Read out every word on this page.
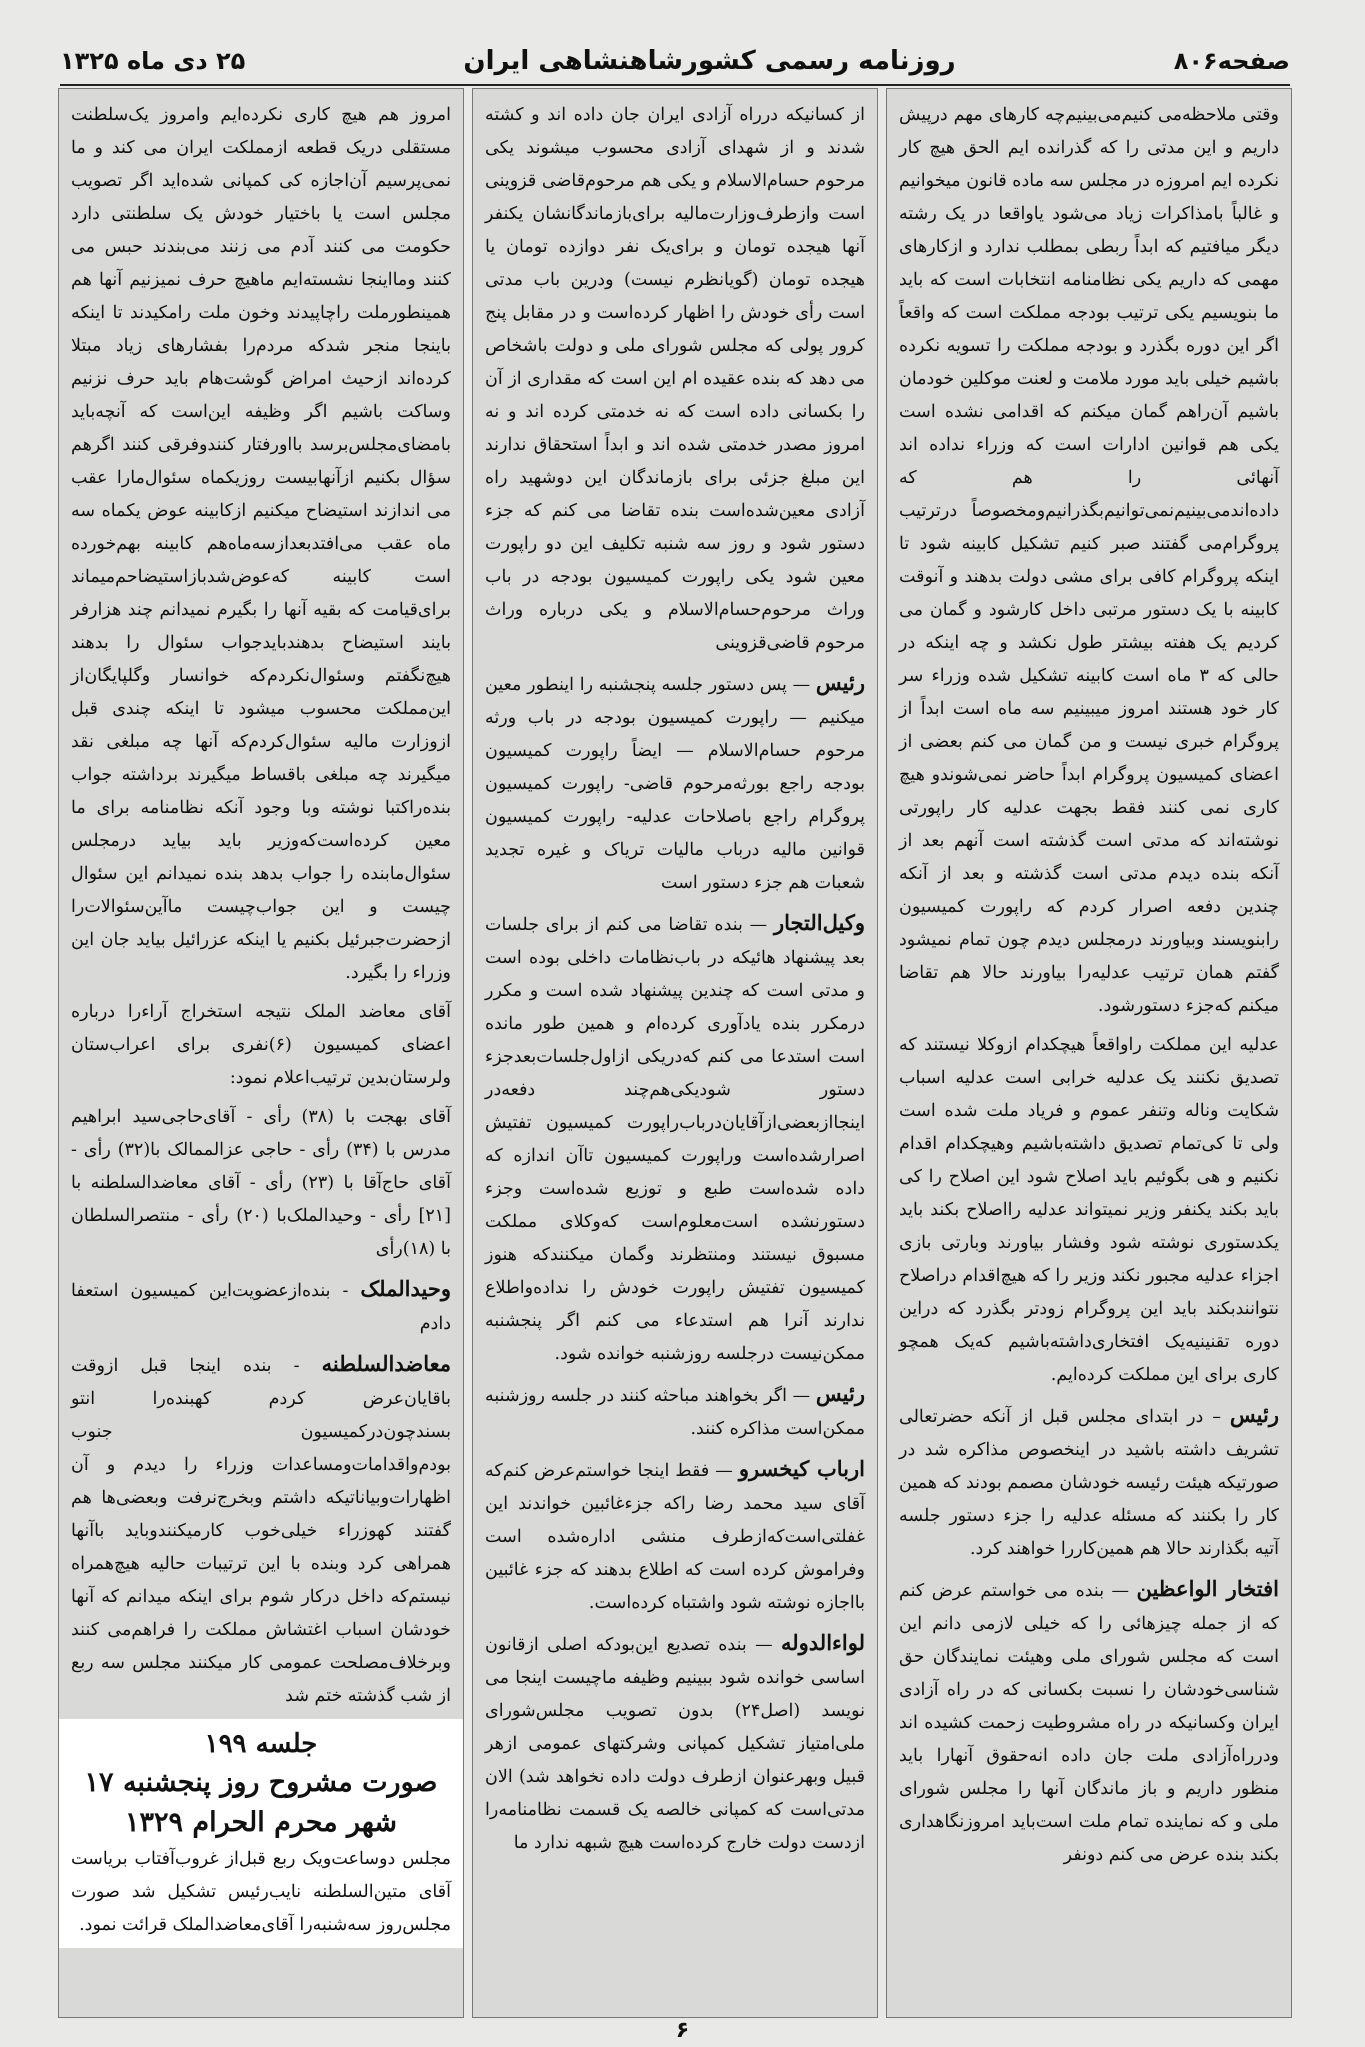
صفحه۸۰۶
روزنامه رسمی کشورشاهنشاهی ایران
۲۵ دی ماه ۱۳۲۵

وقتی ملاحظه‌می کنیم‌می‌بینیم‌چه کارهای مهم درپیش داریم و این مدتی را که گذرانده ایم الحق هیچ کار نکرده ایم امروزه در مجلس سه ماده قانون میخوانیم و غالباً بامذاکرات زیاد می‌شود یاواقعا در یک رشته دیگر میافتیم که ابداً ربطی بمطلب ندارد و ازکارهای مهمی که داریم یکی نظامنامه انتخابات است که باید ما بنویسیم یکی ترتیب بودجه مملکت است که واقعاً اگر این دوره بگذرد و بودجه مملکت را تسویه نکرده باشیم خیلی باید مورد ملامت و لعنت موکلین خودمان باشیم آن‌راهم گمان میکنم که اقدامی نشده است یکی هم قوانین ادارات است که وزراء نداده اند آنهائی را هم که داده‌اندمی‌بینیم‌نمی‌توانیم‌بگذرانیم‌ومخصوصاً درترتیب پروگرام‌می گفتند صبر کنیم تشکیل کابینه شود تا اینکه پروگرام کافی برای مشی دولت بدهند و آنوقت کابینه با یک دستور مرتبی داخل کارشود و گمان می کردیم یک هفته بیشتر طول نکشد و چه اینکه در حالی که ۳ ماه است کابینه تشکیل شده وزراء سر کار خود هستند امروز میبینیم سه ماه است ابداً از پروگرام خبری نیست و من گمان می کنم بعضی از اعضای کمیسیون پروگرام ابداً حاضر نمی‌شوندو هیچ کاری نمی کنند فقط بجهت عدلیه کار راپورتی نوشته‌اند که مدتی است گذشته است آنهم بعد از آنکه بنده دیدم مدتی است گذشته و بعد از آنکه چندین دفعه اصرار کردم که راپورت کمیسیون رابنویسند وبیاورند درمجلس دیدم چون تمام نمیشود گفتم همان ترتیب عدلیه‌را بیاورند حالا هم تقاضا میکنم که‌جزء دستورشود.

عدلیه این مملکت راواقعاً هیچکدام ازوکلا نیستند که تصدیق نکنند یک عدلیه خرابی است عدلیه اسباب شکایت وناله وتنفر عموم و فریاد ملت شده است ولی تا کی‌تمام تصدیق داشته‌باشیم وهیچکدام اقدام نکنیم و هی بگوئیم باید اصلاح شود این اصلاح را کی باید بکند یکنفر وزیر نمیتواند عدلیه رااصلاح بکند باید یکدستوری نوشته شود وفشار بیاورند وبارتی بازی اجزاء عدلیه مجبور نکند وزیر را که هیچ‌اقدام دراصلاح نتوانندبکند باید این پروگرام زودتر بگذرد که دراین دوره تقنینیه‌یک افتخاری‌داشته‌باشیم که‌یک همچو کاری برای این مملکت کرده‌ایم.

رئیس – در ابتدای مجلس قبل از آنکه حضرتعالی تشریف داشته باشید در اینخصوص مذاکره شد در صورتیکه هیئت رئیسه خودشان مصمم بودند که همین کار را بکنند که مسئله عدلیه را جزء دستور جلسه آتیه بگذارند حالا هم همین‌کاررا خواهند کرد.

افتخار الواعظین — بنده می خواستم عرض کنم که از جمله چیزهائی را که خیلی لازمی دانم این است که مجلس شورای ملی وهیئت نمایندگان حق شناسی‌خودشان را نسبت بکسانی که در راه آزادی ایران وکسانیکه در راه مشروطیت زحمت کشیده اند ودرراه‌آزادی ملت جان داده انه‌حقوق آنهارا باید منظور داریم و باز ماندگان آنها را مجلس شورای ملی و که نماینده تمام ملت است‌باید امروزنگاهداری بکند بنده عرض می کنم دونفر

از کسانیکه درراه آزادی ایران جان داده اند و کشته شدند و از شهدای آزادی محسوب میشوند یکی مرحوم حسام‌الاسلام و یکی هم مرحوم‌قاضی قزوینی است وازطرف‌وزارت‌مالیه برای‌بازماندگانشان یکنفر آنها هیجده تومان و برای‌یک نفر دوازده تومان یا هیجده تومان (گویانظرم نیست) ودرین باب مدتی است رأی خودش را اظهار کرده‌است و در مقابل پنج کرور پولی که مجلس شورای ملی و دولت باشخاص می دهد که بنده عقیده ام این است که مقداری از آن را بکسانی داده است که نه خدمتی کرده اند و نه امروز مصدر خدمتی شده اند و ابداً استحقاق ندارند این مبلغ جزئی برای بازماندگان این دوشهید راه آزادی معین‌شده‌است بنده تقاضا می کنم که جزء دستور شود و روز سه شنبه تکلیف این دو راپورت معین شود یکی راپورت کمیسیون بودجه در باب وراث مرحوم‌حسام‌الاسلام و یکی درباره وراث مرحوم قاضی‌قزوینی

رئیس — پس دستور جلسه پنجشنبه را اینطور معین میکنیم — راپورت کمیسیون بودجه در باب ورثه مرحوم حسام‌الاسلام — ایضاً راپورت کمیسیون بودجه راجع بورثه‌مرحوم قاضی- راپورت کمیسیون پروگرام راجع باصلاحات عدلیه- راپورت کمیسیون قوانین مالیه درباب مالیات تریاک و غیره تجدید شعبات هم جزء دستور است

وکیل‌التجار — بنده تقاضا می کنم از برای جلسات بعد پیشنهاد هائیکه در باب‌نظامات داخلی بوده است و مدتی است که چندین پیشنهاد شده است و مکرر درمکرر بنده یادآوری کرده‌ام و همین طور مانده است استدعا می کنم که‌دریکی ازاول‌جلسات‌بعدجزء دستور شودیکی‌هم‌چند دفعه‌در اینجااز‌بعضی‌ازآقایان‌درباب‌راپورت کمیسیون تفتیش اصرارشده‌است وراپورت کمیسیون تا‌آن اندازه که داده شده‌است طبع و توزیع شده‌است وجزء دستورنشده است‌معلوم‌است که‌وکلای مملکت مسبوق نیستند ومنتظرند وگمان میکنند‌که هنوز کمیسیون تفتیش راپورت خودش را نداده‌واطلاع ندارند آنرا هم استدعاء می کنم اگر پنجشنبه ممکن‌نیست درجلسه روزشنبه خوانده شود.

رئیس — اگر بخواهند مباحثه کنند در جلسه روزشنبه ممکن‌است مذاکره کنند.

ارباب کیخسرو — فقط اینجا خواستم‌عرض کنم‌که آقای سید محمد رضا راکه جزء‌غائبین خواندند این غفلتی‌است‌که‌ازطرف منشی اداره‌شده است وفراموش کرده است که اطلاع بدهند که جزء غائبین بااجازه نوشته شود واشتباه کرده‌است.

لواءالدوله — بنده تصدیع این‌بودکه اصلی ازقانون اساسی خوانده شود ببینیم وظیفه ماچیست اینجا می نویسد (اصل۲۴) بدون تصویب مجلس‌شورای ملی‌امتیاز تشکیل کمپانی و‌شرکتهای عمومی ازهر قبیل وبهرعنوان ازطرف دولت داده نخواهد شد) الان مدتی‌است که کمپانی خالصه یک قسمت نظامنامه‌را ازدست دولت خارج کرده‌است هیچ شبهه ندارد ما

امروز هم هیچ کاری نکرده‌ایم وامروز یک‌سلطنت مستقلی دریک قطعه ازمملکت ایران می کند و ما نمی‌پرسیم آن‌اجازه کی کمپانی شده‌اید اگر تصویب مجلس است یا باختیار خودش یک سلطنتی دارد حکومت می کنند آدم می زنند می‌بندند حبس می کنند ومااینجا نشسته‌ایم ماهیچ حرف نمیزنیم آنها هم همینطورملت راچاپیدند وخون ملت رامکیدند تا اینکه باینجا منجر شدکه مردم‌را بفشارهای زیاد مبتلا کرده‌اند ازحیث امراض گوشت‌هام باید حرف نزنیم وساکت باشیم اگر وظیفه این‌است که آنچه‌باید بامضای‌مجلس‌برسد بااورفتار کنندوفرقی کنند اگرهم سؤال بکنیم ازآنهابیست روزیکماه سئوال‌ما‌را عقب می اندازند استیضاح میکنیم ازکابینه عوض یکماه سه ماه عقب می‌افتد‌بعدازسه‌ماه‌هم کابینه بهم‌خورده است کابینه که‌عوض‌شدبازاستیضاحم‌میماند برای‌قیامت که بقیه آنها را بگیرم نمیدانم چند هزارفر بایند استیضاح بدهندبایدجواب سئوال را بدهند هیچ‌نگفتم وسئوال‌نکردم‌که خوانسار وگلپایگان‌از این‌مملکت محسوب میشود تا اینکه چندی قبل ازوزارت مالیه سئوال‌کردم‌که آنها چه مبلغی نقد میگیرند چه مبلغی باقساط میگیرند برداشته جواب بنده‌راکتبا نوشته وبا وجود آنکه نظامنامه برای ما معین کرده‌است‌که‌وزیر باید بیاید درمجلس سئوال‌ما‌بنده را جواب بدهد بنده نمیدانم این سئوال چیست و این جواب‌چیست ماآین‌سئوالات‌را ازحضرت‌جبرئیل بکنیم یا اینکه عزرائیل بیاید جان این وزراء را بگیرد.

آقای معاضد الملک نتیجه استخراج آراءرا درباره اعضای کمیسیون (۶)نفری برای اعراب‌ستان ولرستان‌بدین ترتیب‌اعلام نمود:

آقای بهجت با (۳۸) رأی - آقای‌حاجی‌سید ابراهیم مدرس با (۳۴) رأی - حاجی عزالممالک با(۳۲) رأی - آقای حاج‌آقا با (۲۳) رأی - آقای معاضدالسلطنه با [۲۱] رأی - وحیدالملک‌با (۲۰) رأی - منتصرالسلطان با (۱۸)رأی

وحیدالملک - بنده‌ازعضویت‌این کمیسیون استعفا دادم

معاضدالسلطنه - بنده اینجا قبل ازوقت باقایان‌عرض کردم کهبنده‌را انتو بسندچون‌درکمیسیون جنوب بودم‌واقدامات‌ومساعدات وزراء را دیدم و آن اظهارات‌وبیاناتیکه داشتم وبخرج‌نرفت وبعضی‌ها هم گفتند کهوزراء خیلی‌خوب کارمیکنندوباید باآنها همراهی کرد وبنده با این ترتیبات حالیه هیچ‌همراه نیستم‌که داخل درکار شوم برای اینکه میدانم که آنها خودشان اسباب اغتشاش مملکت را فراهم‌می کنند وبرخلاف‌مصلحت عمومی کار میکنند مجلس سه ربع از شب گذشته ختم شد

جلسه ۱۹۹
صورت مشروح روز پنجشنبه ۱۷ شهر محرم الحرام ۱۳۲۹
مجلس دوساعت‌ویک ربع قبل‌از غروب‌آفتاب بریاست آقای متین‌السلطنه نایب‌رئیس تشکیل شد صورت مجلس‌روز سه‌شنبه‌را آقای‌معاضدالملک قرائت نمود.
۶
